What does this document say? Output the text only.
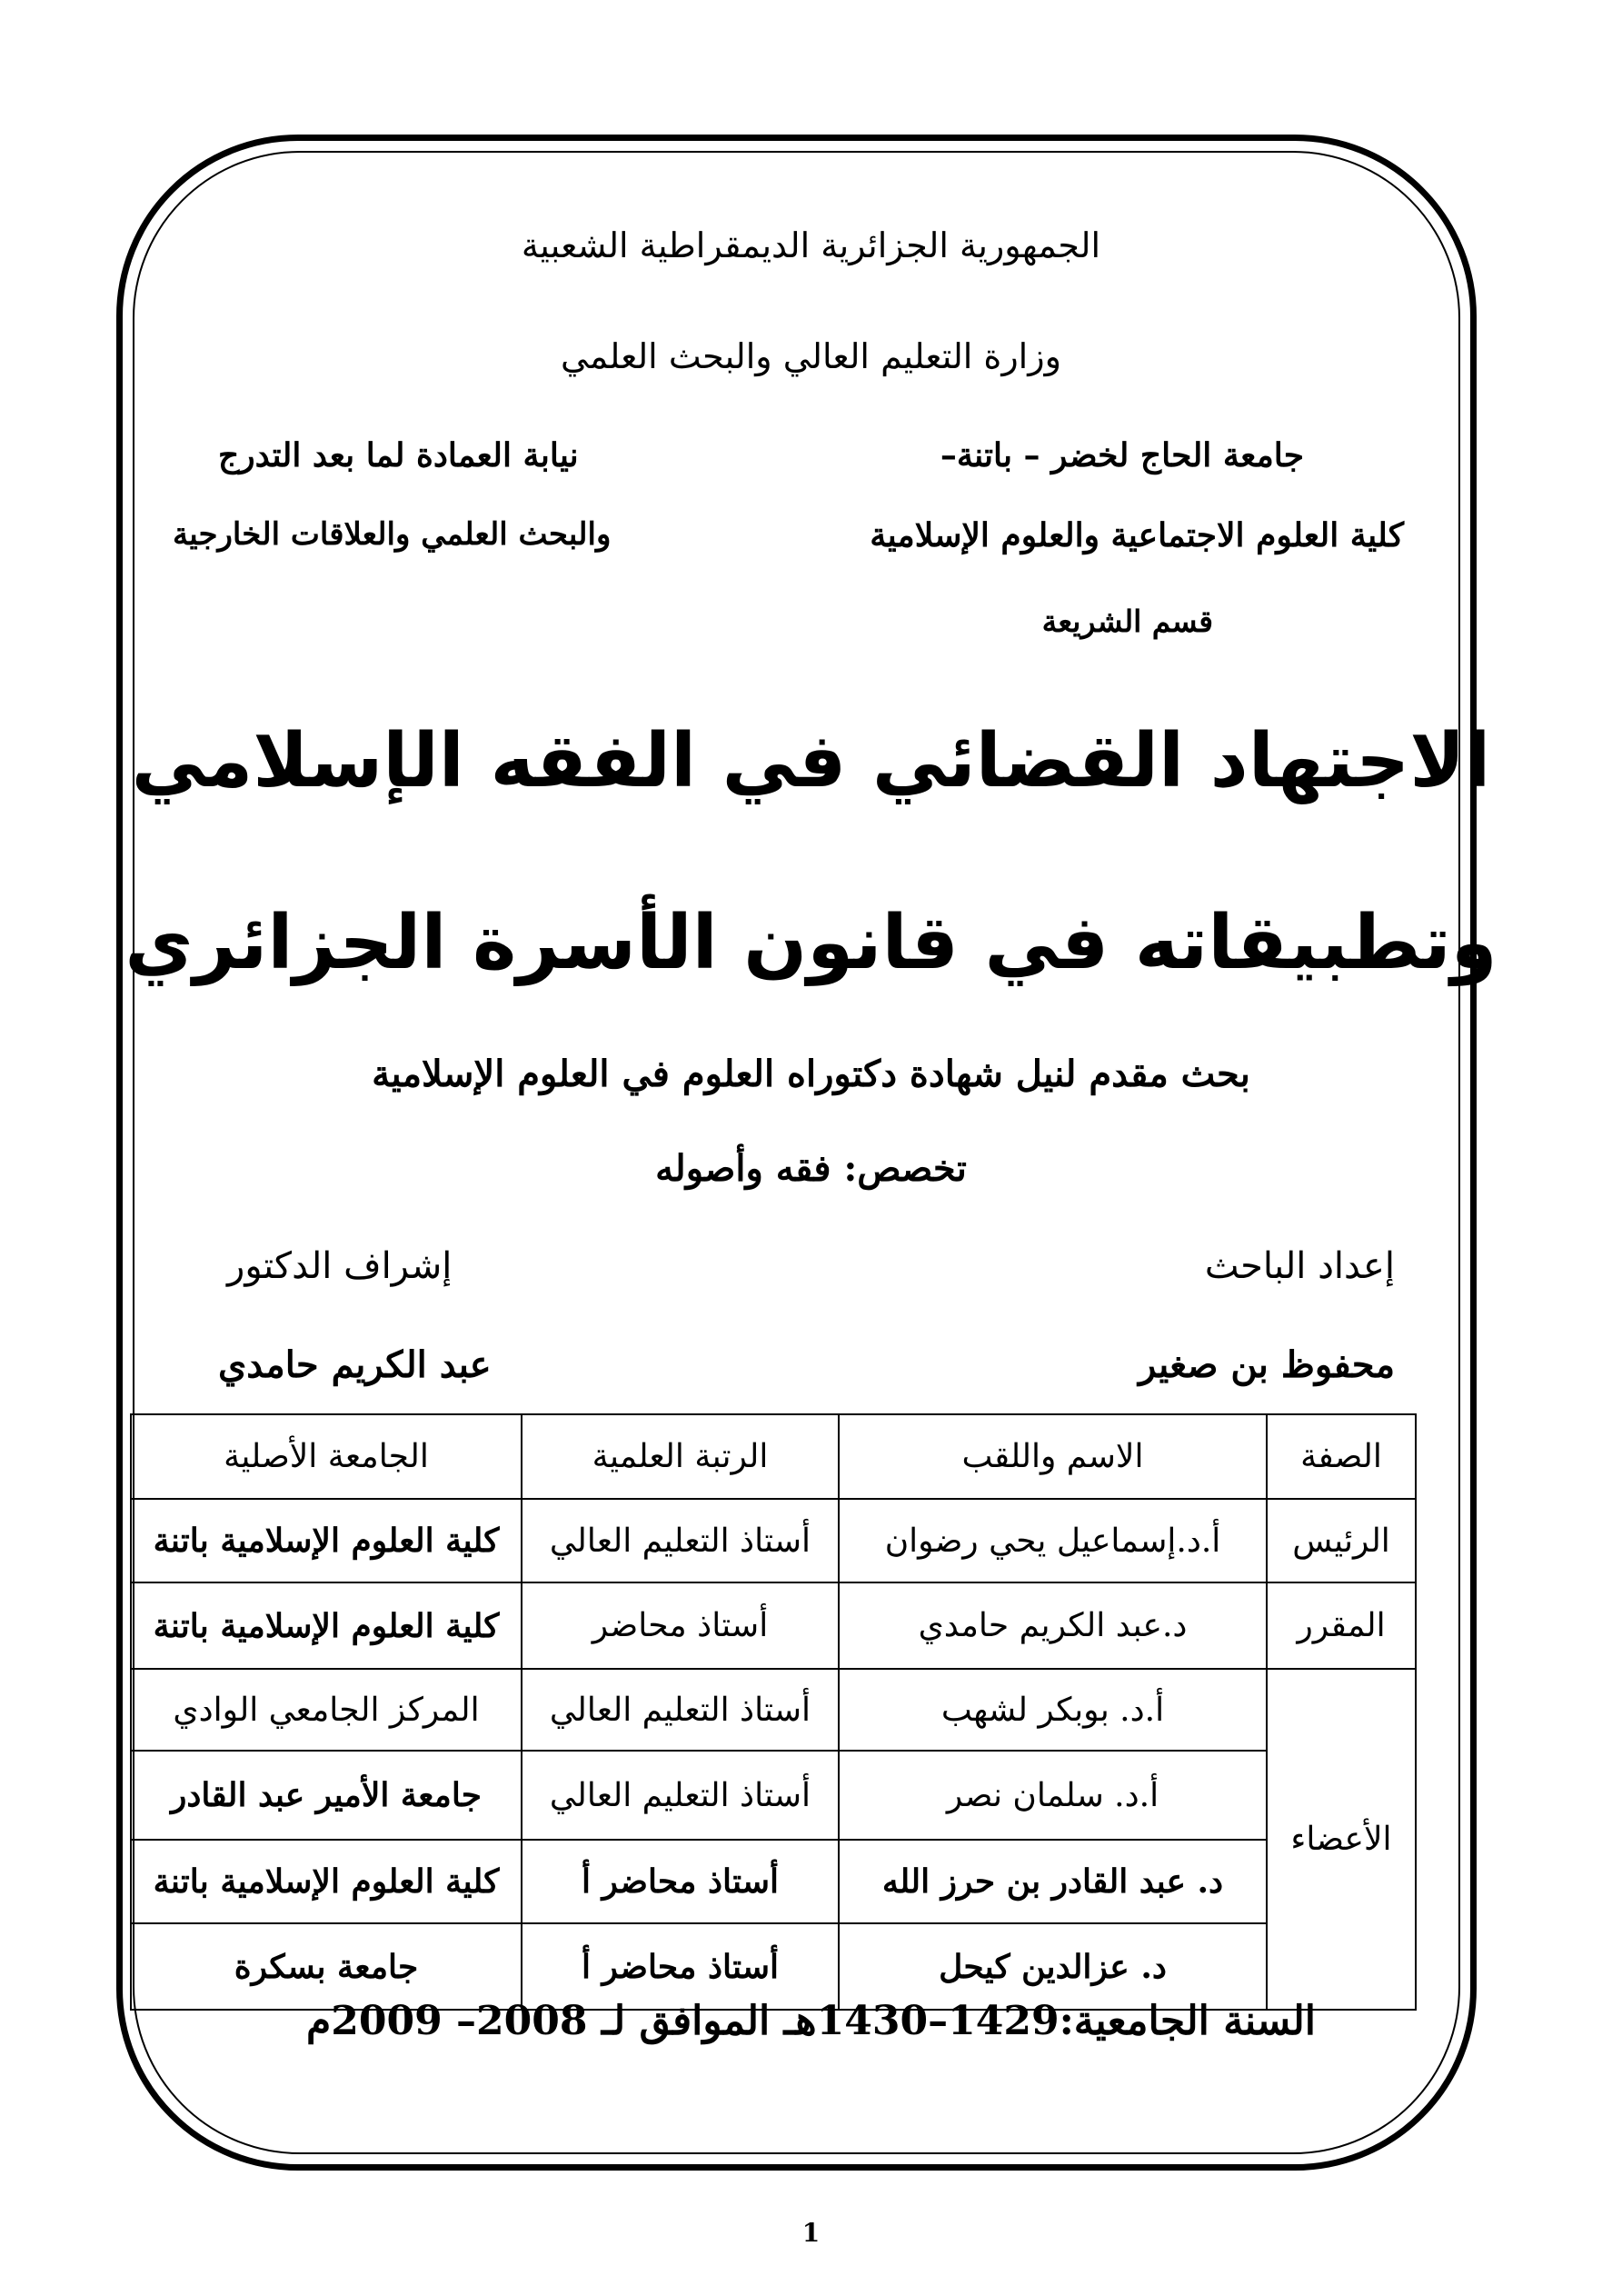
الجمهورية الجزائرية الديمقراطية الشعبية
وزارة التعليم العالي والبحث العلمي
جامعة الحاج لخضر – باتنة–
نيابة العمادة لما بعد التدرج
كلية العلوم الاجتماعية والعلوم الإسلامية
والبحث العلمي والعلاقات الخارجية
قسم الشريعة
الاجتهاد القضائي في الفقه الإسلامي
وتطبيقاته في قانون الأسرة الجزائري
بحث مقدم لنيل شهادة دكتوراه العلوم في العلوم الإسلامية
تخصص: فقه وأصوله
إعداد الباحث
إشراف الدكتور
محفوظ بن صغير
عبد الكريم حامدي
الصفة	الاسم واللقب	الرتبة العلمية	الجامعة الأصلية
الرئيس	أ.د.إسماعيل يحي رضوان	أستاذ التعليم العالي	كلية العلوم الإسلامية باتنة
المقرر	د.عبد الكريم حامدي	أستاذ محاضر	كلية العلوم الإسلامية باتنة
الأعضاء	أ.د. بوبكر لشهب	أستاذ التعليم العالي	المركز الجامعي الوادي
	أ.د. سلمان نصر	أستاذ التعليم العالي	جامعة الأمير عبد القادر
	د. عبد القادر بن حرز الله	أستاذ محاضر أ	كلية العلوم الإسلامية باتنة
	د. عزالدين كيحل	أستاذ محاضر أ	جامعة بسكرة
السنة الجامعية:1429–1430هـ الموافق لـ 2008– 2009م
1
